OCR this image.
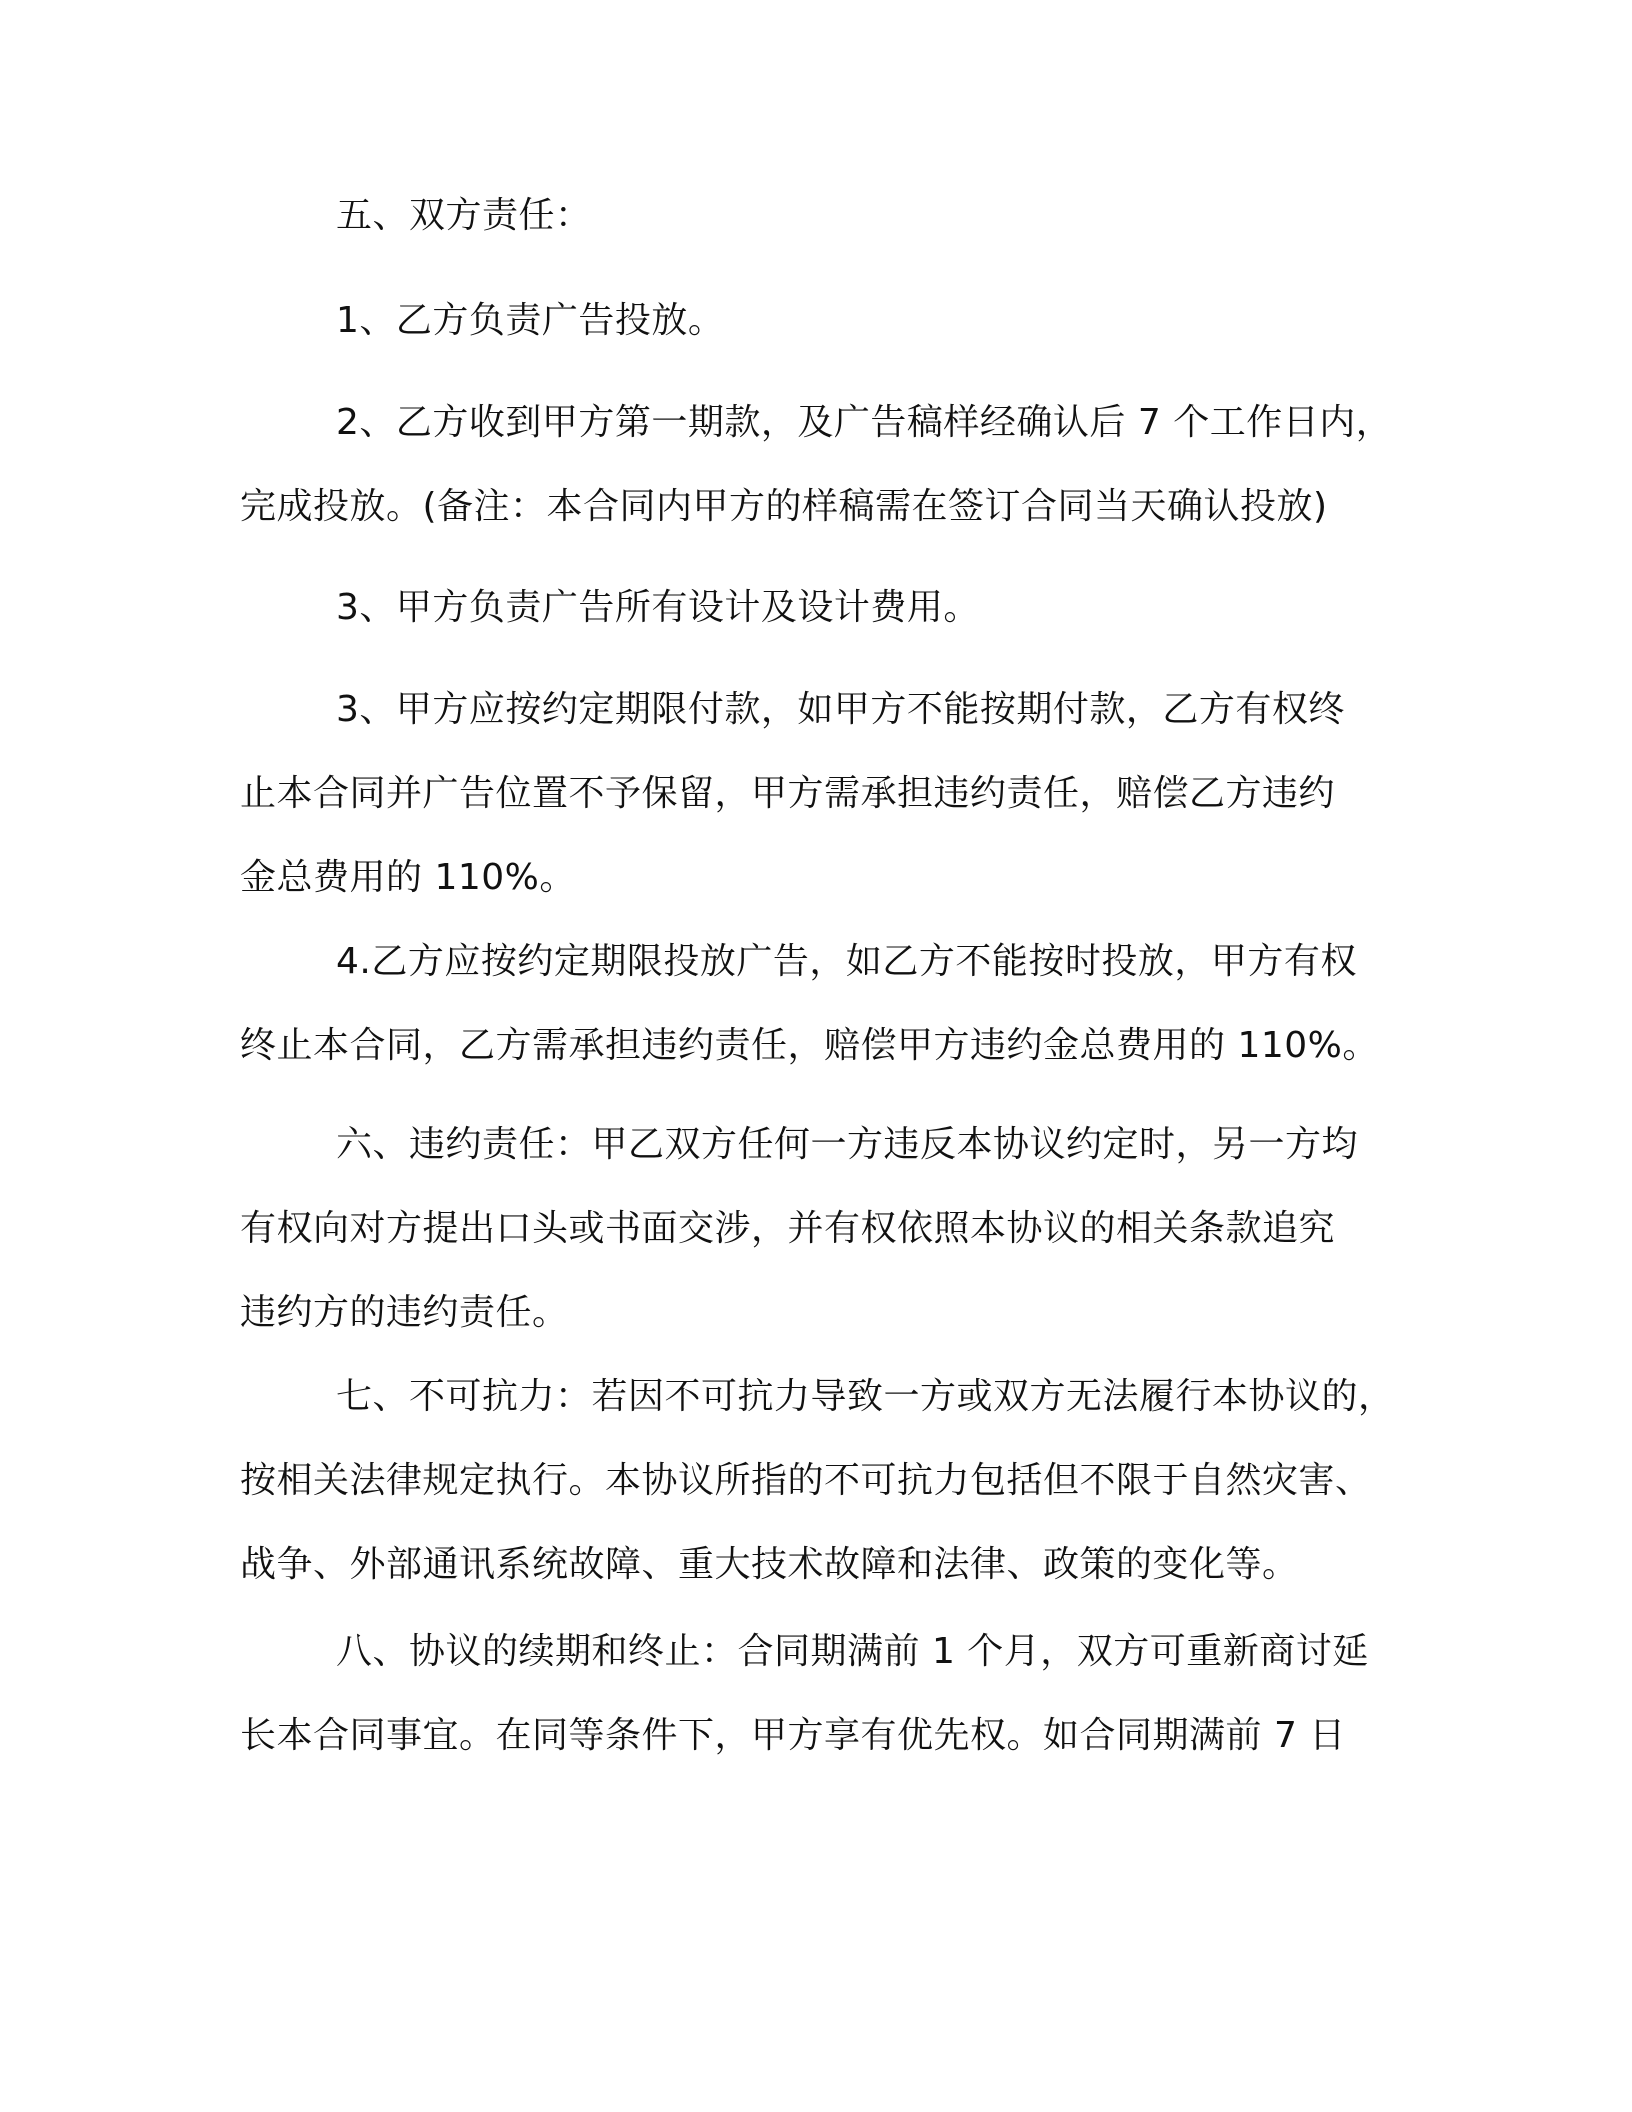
五、双方责任：

1、乙方负责广告投放。

2、乙方收到甲方第一期款，及广告稿样经确认后 7 个工作日内，

完成投放。(备注：本合同内甲方的样稿需在签订合同当天确认投放)

3、甲方负责广告所有设计及设计费用。

3、甲方应按约定期限付款，如甲方不能按期付款，乙方有权终

止本合同并广告位置不予保留，甲方需承担违约责任，赔偿乙方违约

金总费用的 110%。

4.乙方应按约定期限投放广告，如乙方不能按时投放，甲方有权

终止本合同，乙方需承担违约责任，赔偿甲方违约金总费用的 110%。

六、违约责任：甲乙双方任何一方违反本协议约定时，另一方均

有权向对方提出口头或书面交涉，并有权依照本协议的相关条款追究

违约方的违约责任。

七、不可抗力：若因不可抗力导致一方或双方无法履行本协议的，

按相关法律规定执行。本协议所指的不可抗力包括但不限于自然灾害、

战争、外部通讯系统故障、重大技术故障和法律、政策的变化等。

八、协议的续期和终止：合同期满前 1 个月，双方可重新商讨延

长本合同事宜。在同等条件下，甲方享有优先权。如合同期满前 7 日
